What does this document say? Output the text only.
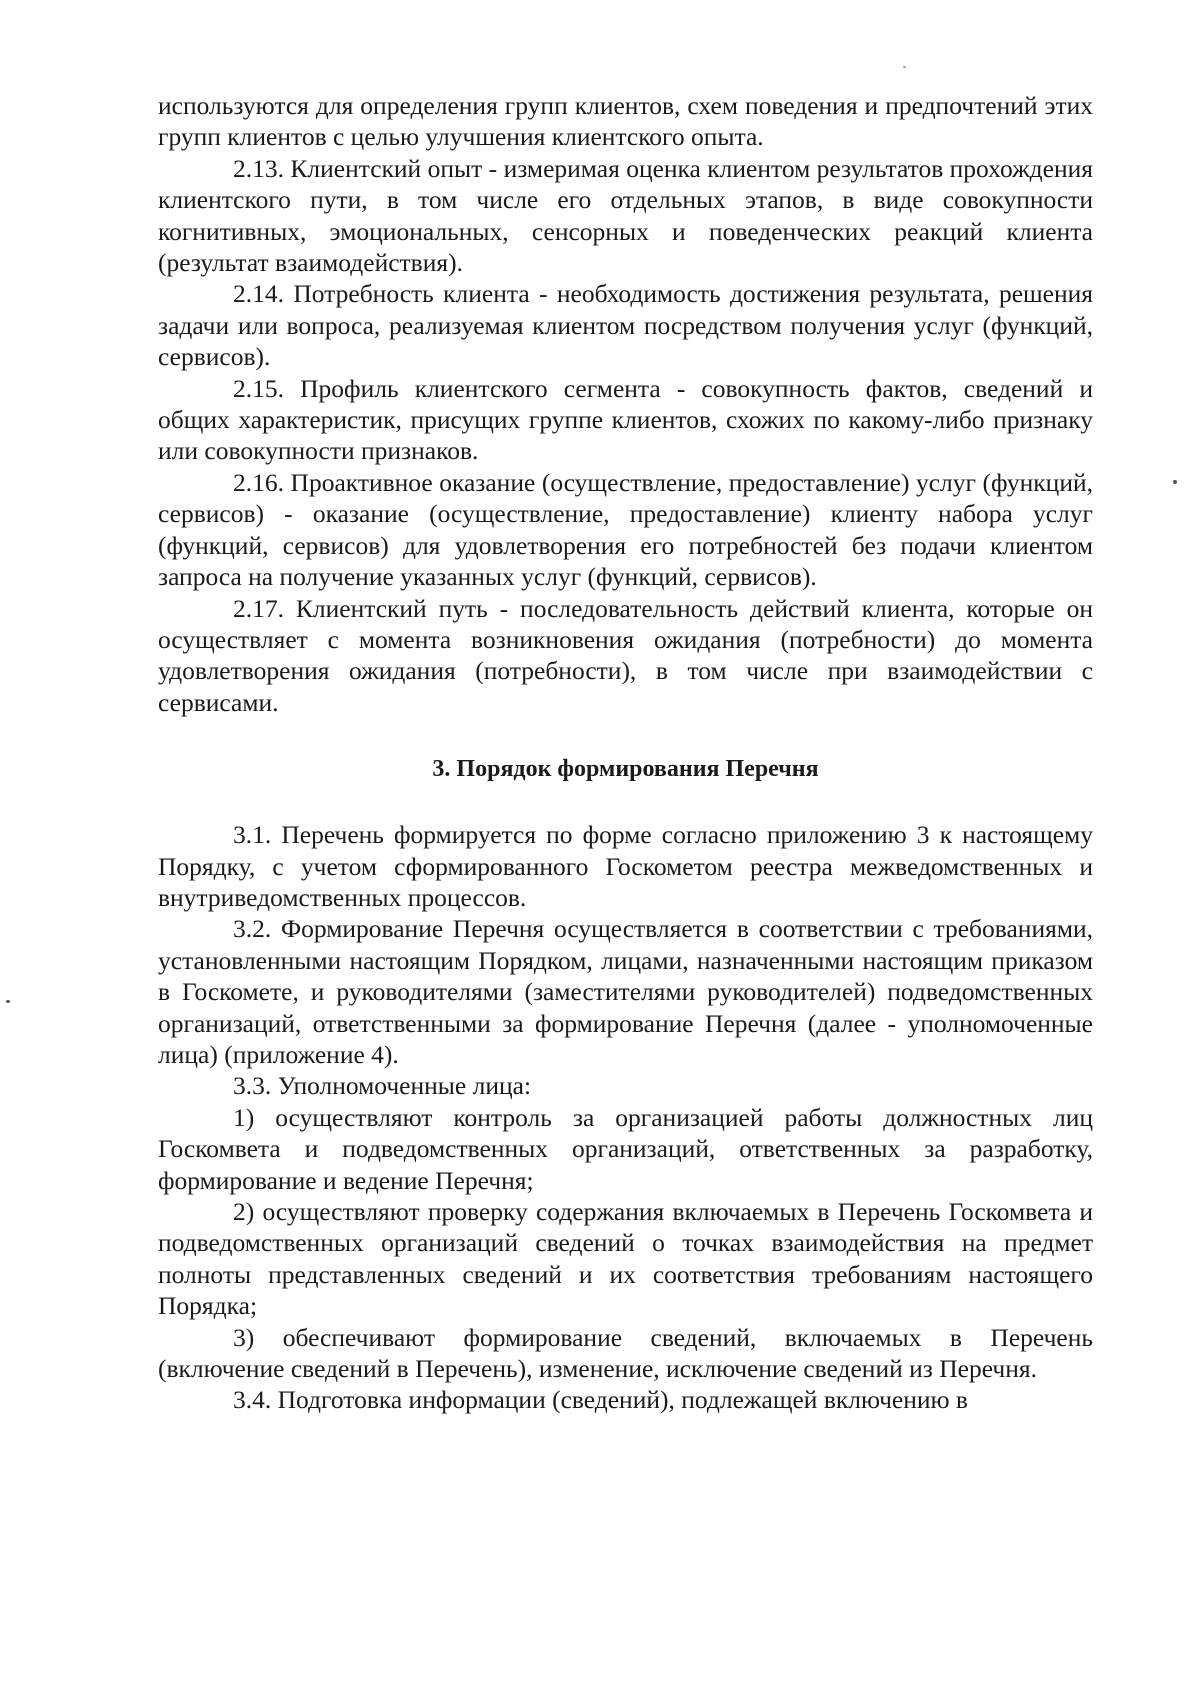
используются для определения групп клиентов, схем поведения и предпочтений этих групп клиентов с целью улучшения клиентского опыта.

2.13. Клиентский опыт - измеримая оценка клиентом результатов прохождения клиентского пути, в том числе его отдельных этапов, в виде совокупности когнитивных, эмоциональных, сенсорных и поведенческих реакций клиента (результат взаимодействия).

2.14. Потребность клиента - необходимость достижения результата, решения задачи или вопроса, реализуемая клиентом посредством получения услуг (функций, сервисов).

2.15. Профиль клиентского сегмента - совокупность фактов, сведений и общих характеристик, присущих группе клиентов, схожих по какому-либо признаку или совокупности признаков.

2.16. Проактивное оказание (осуществление, предоставление) услуг (функций, сервисов) - оказание (осуществление, предоставление) клиенту набора услуг (функций, сервисов) для удовлетворения его потребностей без подачи клиентом запроса на получение указанных услуг (функций, сервисов).

2.17. Клиентский путь - последовательность действий клиента, которые он осуществляет с момента возникновения ожидания (потребности) до момента удовлетворения ожидания (потребности), в том числе при взаимодействии с сервисами.

3. Порядок формирования Перечня

3.1. Перечень формируется по форме согласно приложению 3 к настоящему Порядку, с учетом сформированного Госкометом реестра межведомственных и внутриведомственных процессов.

3.2. Формирование Перечня осуществляется в соответствии с требованиями, установленными настоящим Порядком, лицами, назначенными настоящим приказом в Госкомете, и руководителями (заместителями руководителей) подведомственных организаций, ответственными за формирование Перечня (далее - уполномоченные лица) (приложение 4).

3.3. Уполномоченные лица:

1) осуществляют контроль за организацией работы должностных лиц Госкомвета и подведомственных организаций, ответственных за разработку, формирование и ведение Перечня;

2) осуществляют проверку содержания включаемых в Перечень Госкомвета и подведомственных организаций сведений о точках взаимодействия на предмет полноты представленных сведений и их соответствия требованиям настоящего Порядка;

3) обеспечивают формирование сведений, включаемых в Перечень (включение сведений в Перечень), изменение, исключение сведений из Перечня.

3.4. Подготовка информации (сведений), подлежащей включению в
